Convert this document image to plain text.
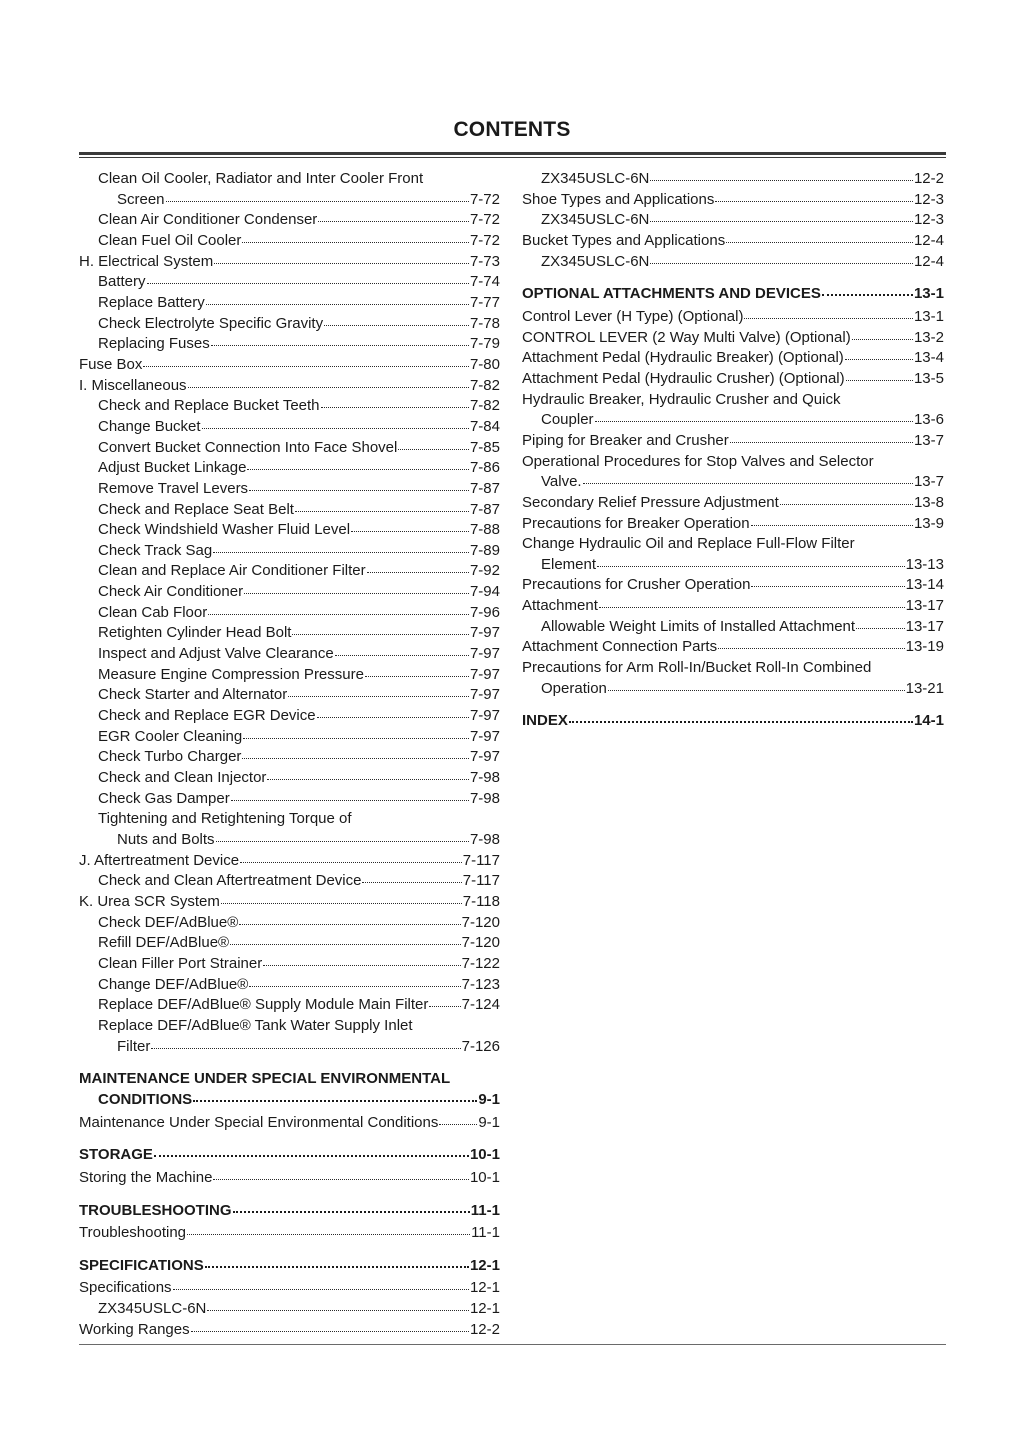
CONTENTS
Clean Oil Cooler, Radiator and Inter Cooler Front
Screen	7-72
Clean Air Conditioner Condenser	7-72
Clean Fuel Oil Cooler	7-72
H. Electrical System	7-73
Battery	7-74
Replace Battery	7-77
Check Electrolyte Specific Gravity	7-78
Replacing Fuses	7-79
Fuse Box	7-80
I. Miscellaneous	7-82
Check and Replace Bucket Teeth	7-82
Change Bucket	7-84
Convert Bucket Connection Into Face Shovel	7-85
Adjust Bucket Linkage	7-86
Remove Travel Levers	7-87
Check and Replace Seat Belt	7-87
Check Windshield Washer Fluid Level	7-88
Check Track Sag	7-89
Clean and Replace Air Conditioner Filter	7-92
Check Air Conditioner	7-94
Clean Cab Floor	7-96
Retighten Cylinder Head Bolt	7-97
Inspect and Adjust Valve Clearance	7-97
Measure Engine Compression Pressure	7-97
Check Starter and Alternator	7-97
Check and Replace EGR Device	7-97
EGR Cooler Cleaning	7-97
Check Turbo Charger	7-97
Check and Clean Injector	7-98
Check Gas Damper	7-98
Tightening and Retightening Torque of
Nuts and Bolts	7-98
J. Aftertreatment Device	7-117
Check and Clean Aftertreatment Device	7-117
K. Urea SCR System	7-118
Check DEF/AdBlue®	7-120
Refill DEF/AdBlue®	7-120
Clean Filler Port Strainer	7-122
Change DEF/AdBlue®	7-123
Replace DEF/AdBlue® Supply Module Main Filter 7-124
Replace DEF/AdBlue® Tank Water Supply Inlet
Filter	7-126
MAINTENANCE UNDER SPECIAL ENVIRONMENTAL
CONDITIONS	9-1
Maintenance Under Special Environmental Conditions	9-1
STORAGE	10-1
Storing the Machine	10-1
TROUBLESHOOTING	11-1
Troubleshooting	11-1
SPECIFICATIONS	12-1
Specifications	12-1
ZX345USLC-6N	12-1
Working Ranges	12-2
ZX345USLC-6N	12-2
Shoe Types and Applications	12-3
ZX345USLC-6N	12-3
Bucket Types and Applications	12-4
ZX345USLC-6N	12-4
OPTIONAL ATTACHMENTS AND DEVICES	13-1
Control Lever (H Type) (Optional)	13-1
CONTROL LEVER (2 Way Multi Valve) (Optional)	13-2
Attachment Pedal (Hydraulic Breaker) (Optional)	13-4
Attachment Pedal (Hydraulic Crusher) (Optional)	13-5
Hydraulic Breaker, Hydraulic Crusher and Quick
Coupler	13-6
Piping for Breaker and Crusher	13-7
Operational Procedures for Stop Valves and Selector
Valve.	13-7
Secondary Relief Pressure Adjustment	13-8
Precautions for Breaker Operation	13-9
Change Hydraulic Oil and Replace Full-Flow Filter
Element	13-13
Precautions for Crusher Operation	13-14
Attachment	13-17
Allowable Weight Limits of Installed Attachment	13-17
Attachment Connection Parts	13-19
Precautions for Arm Roll-In/Bucket Roll-In Combined
Operation	13-21
INDEX	14-1
